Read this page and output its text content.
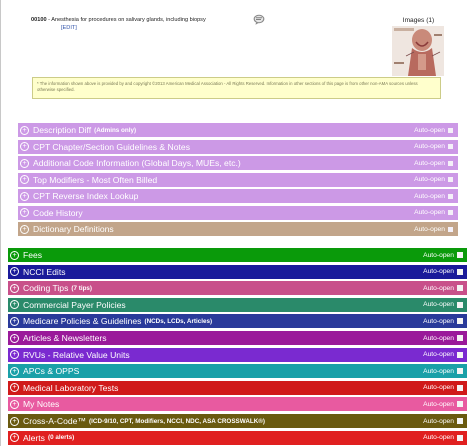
00100 - Anesthesia for procedures on salivary glands, including biopsy
[EDIT]
Images (1)
* The information shown above is provided by and copyright ©2013 American Medical Association - All Rights Reserved. Information in other sections of this page is from other non-AMA sources unless otherwise specified.
+ Description Diff (Admins only)	Auto-open
+ CPT Chapter/Section Guidelines & Notes	Auto-open
+ Additional Code Information (Global Days, MUEs, etc.)	Auto-open
+ Top Modifiers - Most Often Billed	Auto-open
+ CPT Reverse Index Lookup	Auto-open
+ Code History	Auto-open
+ Dictionary Definitions	Auto-open
+ Fees	Auto-open
+ NCCI Edits	Auto-open
+ Coding Tips (7 tips)	Auto-open
+ Commercial Payer Policies	Auto-open
+ Medicare Policies & Guidelines (NCDs, LCDs, Articles)	Auto-open
+ Articles & Newsletters	Auto-open
+ RVUs - Relative Value Units	Auto-open
+ APCs & OPPS	Auto-open
+ Medical Laboratory Tests	Auto-open
+ My Notes	Auto-open
+ Cross-A-Code™ (ICD-9/10, CPT, Modifiers, NCCI, NDC, ASA CROSSWALK®)	Auto-open
+ Alerts (0 alerts)	Auto-open
